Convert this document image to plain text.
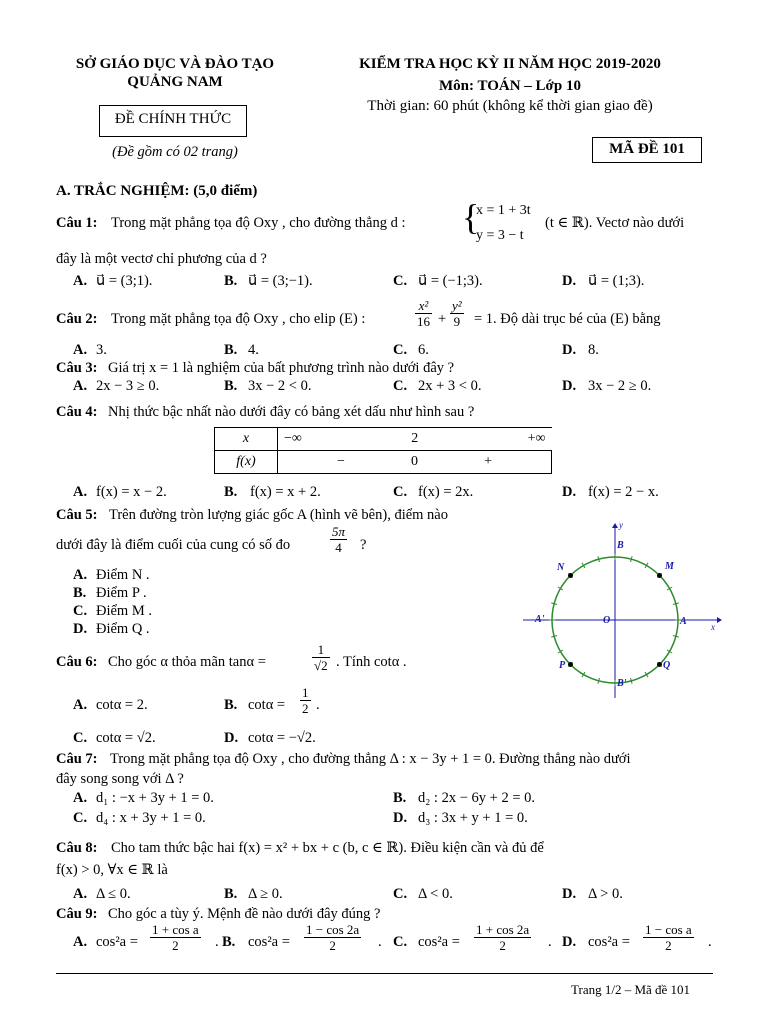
SỞ GIÁO DỤC VÀ ĐÀO TẠO
QUẢNG NAM
ĐỀ CHÍNH THỨC
(Đề gồm có 02 trang)
KIỂM TRA HỌC KỲ II NĂM HỌC 2019-2020
Môn: TOÁN – Lớp 10
Thời gian: 60 phút (không kể thời gian giao đề)
MÃ ĐỀ 101
A. TRẮC NGHIỆM: (5,0 điểm)
Câu 1: Trong mặt phẳng tọa độ Oxy , cho đường thẳng d : {
x = 1 + 3t
y = 3 − t
(t ∈ ℝ). Vectơ nào dưới
đây là một vectơ chỉ phương của d ?
A. u⃗ = (3;1).	B. u⃗ = (3;−1).	C. u⃗ = (−1;3).	D. u⃗ = (1;3).
Câu 2: Trong mặt phẳng tọa độ Oxy , cho elip (E) :	$\frac{\text{x²}}{16} + \frac{\text{y²}}{9} = 1$. Độ dài trục bé của (E) bằng
A. 3.	B. 4.	C. 6.	D. 8.
Câu 3: Giá trị x = 1 là nghiệm của bất phương trình nào dưới đây ?
A. 2x − 3 ≥ 0.	B. 3x − 2 < 0.	C. 2x + 3 < 0.	D. 3x − 2 ≥ 0.
Câu 4: Nhị thức bậc nhất nào dưới đây có bảng xét dấu như hình sau ?
x	−∞ 2 +∞

f(x)	− 0 +
A. f(x) = x − 2.	B. f(x) = x + 2.	C. f(x) = 2x.	D. f(x) = 2 − x.
Câu 5: Trên đường tròn lượng giác gốc A (hình vẽ bên), điểm nào
dưới đây là điểm cuối của cung có số đo	$\frac{5\pi}{4}$ ?
A. Điểm N .
B. Điểm P .
C. Điểm M .
D. Điểm Q .
y
x
B
B'
A
A'	O
M
N
P	Q
Câu 6: Cho góc α thỏa mãn tanα =	$\frac{1}{√2}$ . Tính cotα .
A. cotα = 2.	B. $\cot\alpha = \frac{1}{2}$ .
C. cotα = √2.	D. cotα = −√2.
Câu 7: Trong mặt phẳng tọa độ Oxy , cho đường thẳng Δ : x − 3y + 1 = 0. Đường thẳng nào dưới
đây song song với Δ ?
A. d₁ : −x + 3y + 1 = 0.	B. d₂ : 2x − 6y + 2 = 0.
C. d₄ : x + 3y + 1 = 0.	D. d₃ : 3x + y + 1 = 0.
Câu 8: Cho tam thức bậc hai f(x) = x² + bx + c (b, c ∈ ℝ). Điều kiện cần và đủ để
f(x) > 0, ∀x ∈ ℝ là
A. Δ ≤ 0.	B. Δ ≥ 0.	C. Δ < 0.	D. Δ > 0.
Câu 9: Cho góc a tùy ý. Mệnh đề nào dưới đây đúng ?
A. $\cos^2a = \frac{\text{1 + cos a}}{2}$ . B. $\cos^2a = \frac{1 - \cos 2a}{2}$ . C. $\cos^2a = \frac{1 + \cos 2a}{2}$ . D. $\cos^2a = \frac{\text{1 − cos a}}{2}$ .
Trang 1/2 – Mã đề 101
